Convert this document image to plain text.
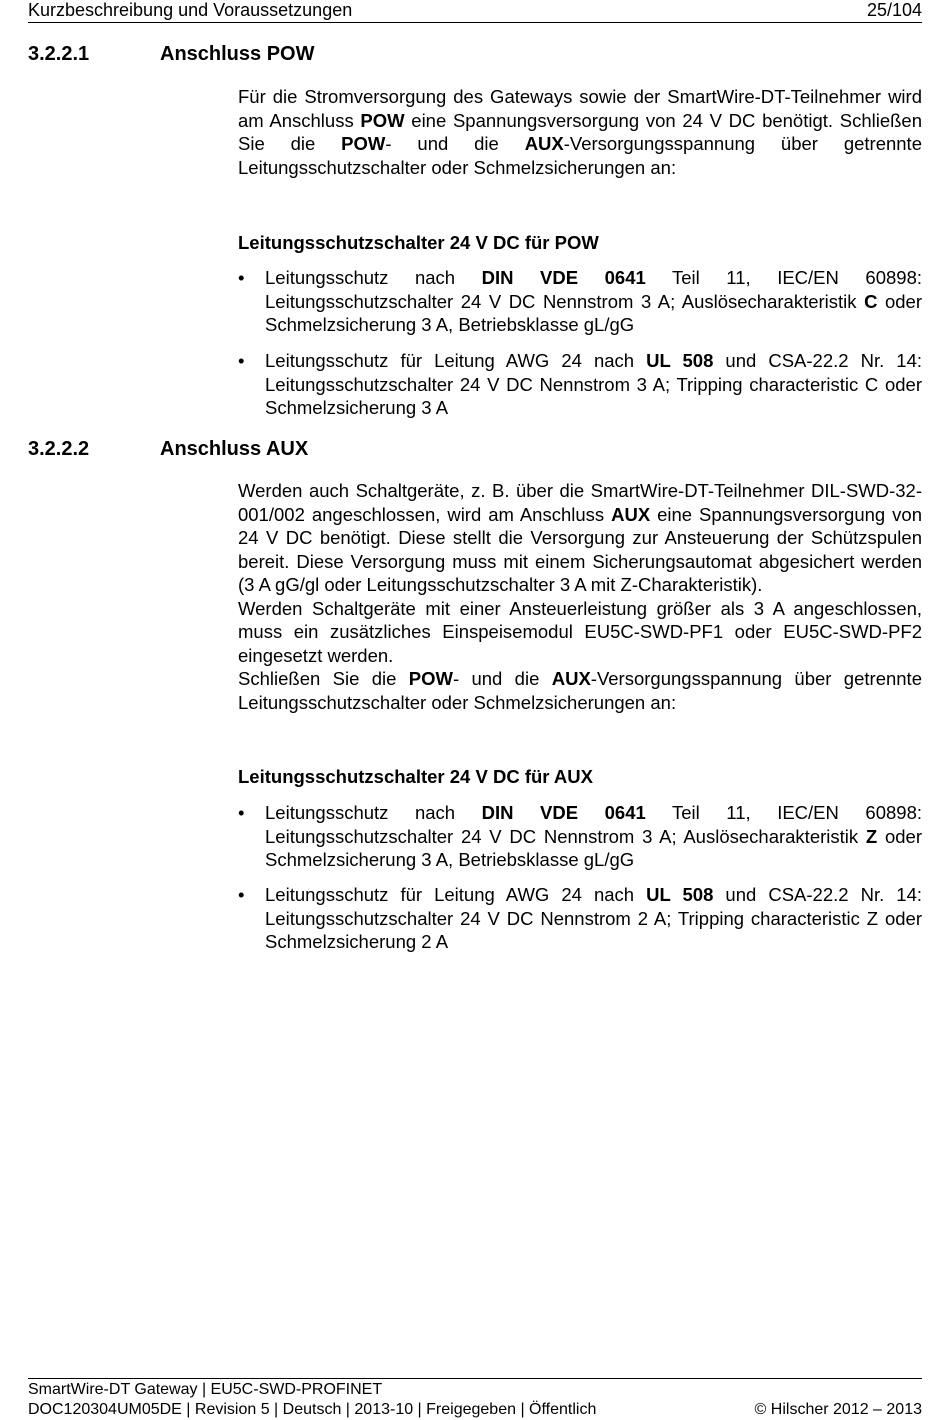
Kurzbeschreibung und Voraussetzungen	25/104
3.2.2.1	Anschluss POW

Für die Stromversorgung des Gateways sowie der SmartWire-DT-Teilnehmer wird am Anschluss POW eine Spannungsversorgung von 24 V DC benötigt. Schließen Sie die POW- und die AUX-Versorgungsspannung über getrennte Leitungsschutzschalter oder Schmelzsicherungen an:

Leitungsschutzschalter 24 V DC für POW
•	Leitungsschutz nach DIN VDE 0641 Teil 11, IEC/EN 60898: Leitungsschutzschalter 24 V DC Nennstrom 3 A; Auslösecharakteristik C oder Schmelzsicherung 3 A, Betriebsklasse gL/gG
•	Leitungsschutz für Leitung AWG 24 nach UL 508 und CSA-22.2 Nr. 14: Leitungsschutzschalter 24 V DC Nennstrom 3 A; Tripping characteristic C oder Schmelzsicherung 3 A
3.2.2.2	Anschluss AUX

Werden auch Schaltgeräte, z. B. über die SmartWire-DT-Teilnehmer DIL-SWD-32-001/002 angeschlossen, wird am Anschluss AUX eine Spannungsversorgung von 24 V DC benötigt. Diese stellt die Versorgung zur Ansteuerung der Schützspulen bereit. Diese Versorgung muss mit einem Sicherungsautomat abgesichert werden (3 A gG/gl oder Leitungsschutzschalter 3 A mit Z-Charakteristik).

Werden Schaltgeräte mit einer Ansteuerleistung größer als 3 A angeschlossen, muss ein zusätzliches Einspeisemodul EU5C-SWD-PF1 oder EU5C-SWD-PF2 eingesetzt werden.

Schließen Sie die POW- und die AUX-Versorgungsspannung über getrennte Leitungsschutzschalter oder Schmelzsicherungen an:

Leitungsschutzschalter 24 V DC für AUX
•	Leitungsschutz nach DIN VDE 0641 Teil 11, IEC/EN 60898: Leitungsschutzschalter 24 V DC Nennstrom 3 A; Auslösecharakteristik Z oder Schmelzsicherung 3 A, Betriebsklasse gL/gG
•	Leitungsschutz für Leitung AWG 24 nach UL 508 und CSA-22.2 Nr. 14: Leitungsschutzschalter 24 V DC Nennstrom 2 A; Tripping characteristic Z oder Schmelzsicherung 2 A
SmartWire-DT Gateway | EU5C-SWD-PROFINET
DOC120304UM05DE | Revision 5 | Deutsch | 2013-10 | Freigegeben | Öffentlich	© Hilscher 2012 – 2013
